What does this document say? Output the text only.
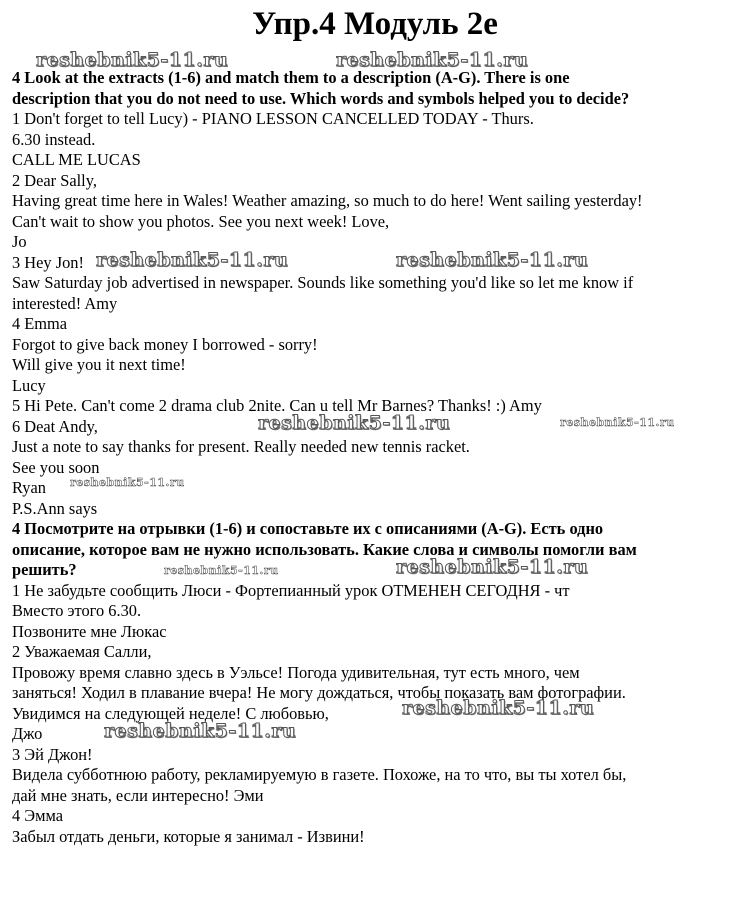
Упр.4 Модуль 2е

4 Look at the extracts (1-6) and match them to a description (A-G). There is one

description that you do not need to use. Which words and symbols helped you to decide?

1 Don't forget to tell Lucy) - PIANO LESSON CANCELLED TODAY - Thurs.

6.30 instead.

CALL ME LUCAS

2 Dear Sally,

Having great time here in Wales! Weather amazing, so much to do here! Went sailing yesterday!

Can't wait to show you photos. See you next week! Love,

Jo

3 Hey Jon!

Saw Saturday job advertised in newspaper. Sounds like something you'd like so let me know if

interested! Amy

4 Emma

Forgot to give back money I borrowed - sorry!

Will give you it next time!

Lucy

5 Hi Pete. Can't come 2 drama club 2nite. Can u tell Mr Barnes? Thanks! :) Amy

6 Deat Andy,

Just a note to say thanks for present. Really needed new tennis racket.

See you soon

Ryan

P.S.Ann says

4 Посмотрите на отрывки (1-6) и сопоставьте их с описаниями (A-G). Есть одно

описание, которое вам не нужно использовать. Какие слова и символы помогли вам

решить?

1 Не забудьте сообщить Люси - Фортепианный урок ОТМЕНЕН СЕГОДНЯ - чт

Вместо этого 6.30.

Позвоните мне Люкас

2 Уважаемая Салли,

Провожу время славно здесь в Уэльсе! Погода удивительная, тут есть много, чем

заняться! Ходил в плавание вчера! Не могу дождаться, чтобы показать вам фотографии.

Увидимся на следующей неделе! С любовью,

Джо

3 Эй Джон!

Видела субботнюю работу, рекламируемую в газете. Похоже, на то что, вы ты хотел бы,

дай мне знать, если интересно! Эми

4 Эмма

Забыл отдать деньги, которые я занимал - Извини!

reshebnik5-11.ru	reshebnik5-11.ru
reshebnik5-11.ru	reshebnik5-11.ru
reshebnik5-11.ru	reshebnik5-11.ru
reshebnik5-11.ru
reshebnik5-11.ru	reshebnik5-11.ru
reshebnik5-11.ru
reshebnik5-11.ru
